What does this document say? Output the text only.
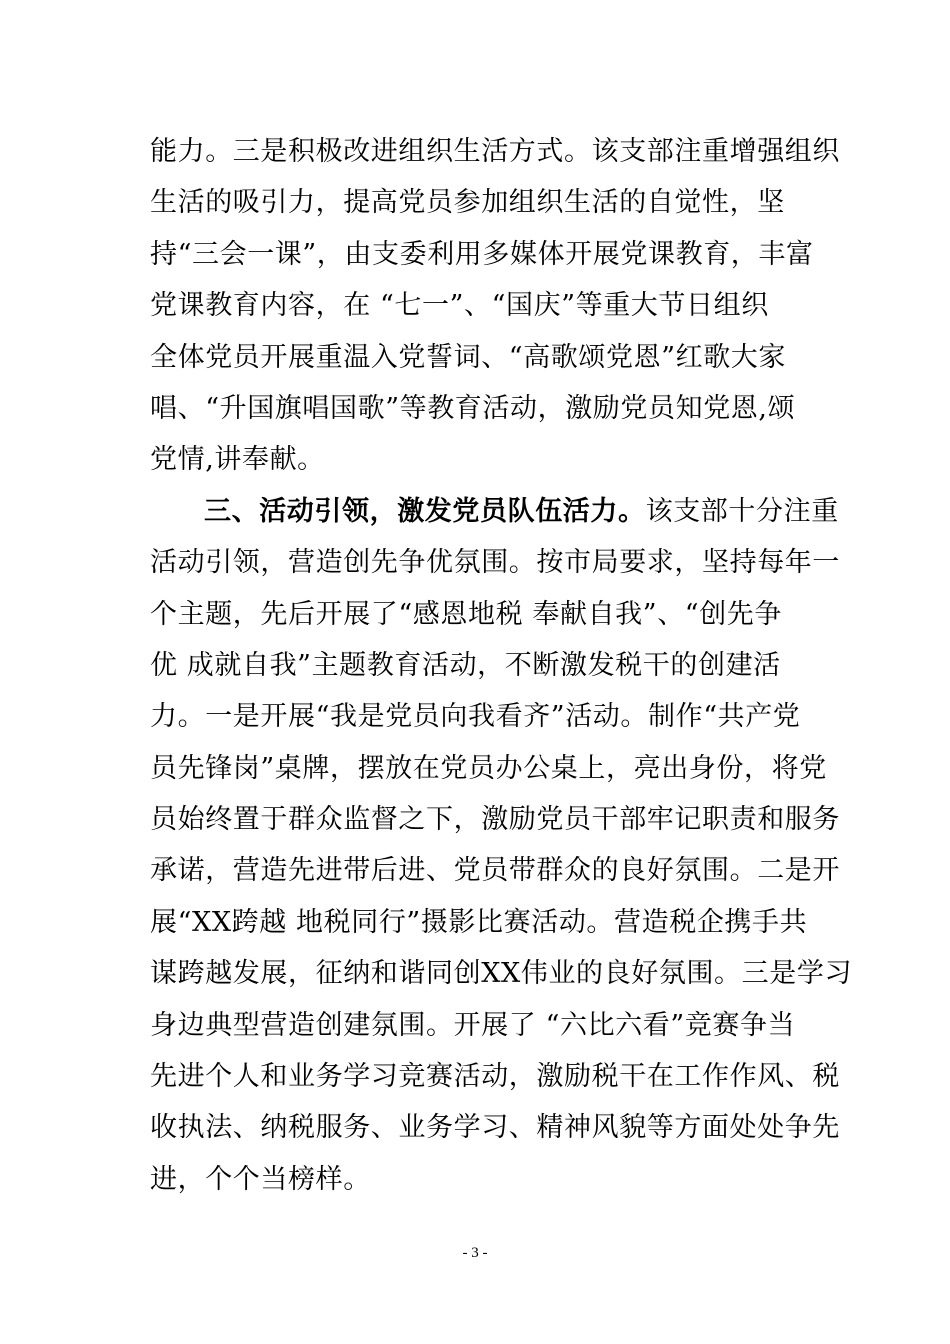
能力。三是积极改进组织生活方式。该支部注重增强组织
生活的吸引力，提高党员参加组织生活的自觉性，坚
持“三会一课”，由支委利用多媒体开展党课教育，丰富
党课教育内容，在 “七一”、“国庆”等重大节日组织
全体党员开展重温入党誓词、“高歌颂党恩”红歌大家
唱、“升国旗唱国歌”等教育活动，激励党员知党恩,颂
党情,讲奉献。
三、活动引领，激发党员队伍活力。该支部十分注重
活动引领，营造创先争优氛围。按市局要求，坚持每年一
个主题，先后开展了“感恩地税 奉献自我”、“创先争
优 成就自我”主题教育活动，不断激发税干的创建活
力。一是开展“我是党员向我看齐”活动。制作“共产党
员先锋岗”桌牌，摆放在党员办公桌上，亮出身份，将党
员始终置于群众监督之下，激励党员干部牢记职责和服务
承诺，营造先进带后进、党员带群众的良好氛围。二是开
展“XX跨越 地税同行”摄影比赛活动。营造税企携手共
谋跨越发展，征纳和谐同创XX伟业的良好氛围。三是学习
身边典型营造创建氛围。开展了 “六比六看”竞赛争当
先进个人和业务学习竞赛活动，激励税干在工作作风、税
收执法、纳税服务、业务学习、精神风貌等方面处处争先
进，个个当榜样。
- 3 -
